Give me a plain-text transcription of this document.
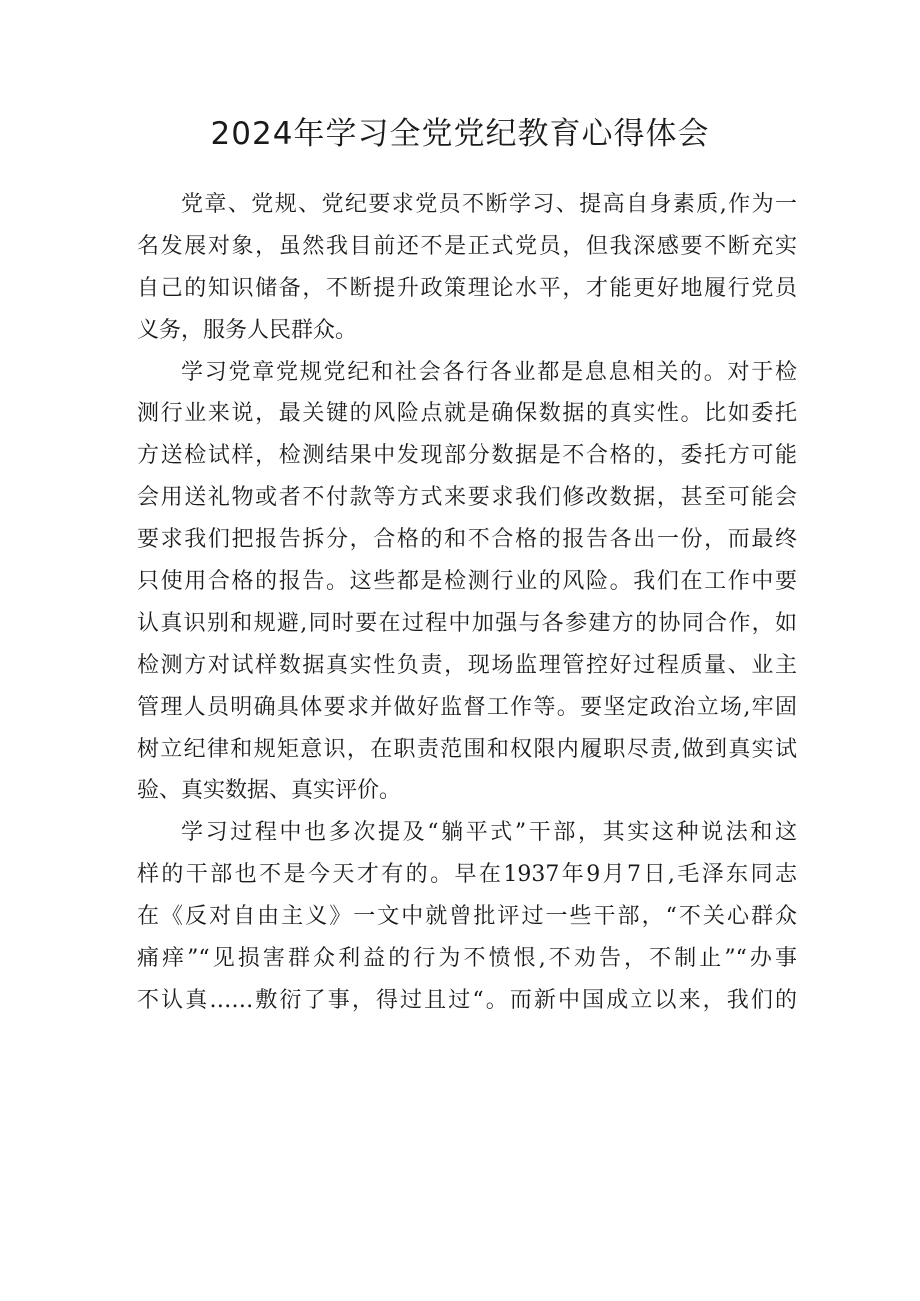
2024年学习全党党纪教育心得体会
党章、党规、党纪要求党员不断学习、提高自身素质,作为一
名发展对象，虽然我目前还不是正式党员，但我深感要不断充实
自己的知识储备，不断提升政策理论水平，才能更好地履行党员
义务，服务人民群众。
学习党章党规党纪和社会各行各业都是息息相关的。对于检
测行业来说，最关键的风险点就是确保数据的真实性。比如委托
方送检试样，检测结果中发现部分数据是不合格的，委托方可能
会用送礼物或者不付款等方式来要求我们修改数据，甚至可能会
要求我们把报告拆分，合格的和不合格的报告各出一份，而最终
只使用合格的报告。这些都是检测行业的风险。我们在工作中要
认真识别和规避,同时要在过程中加强与各参建方的协同合作，如
检测方对试样数据真实性负责，现场监理管控好过程质量、业主
管理人员明确具体要求并做好监督工作等。要坚定政治立场,牢固
树立纪律和规矩意识，在职责范围和权限内履职尽责,做到真实试
验、真实数据、真实评价。
学习过程中也多次提及“躺平式”干部，其实这种说法和这
样的干部也不是今天才有的。早在1937年9月7日,毛泽东同志
在《反对自由主义》一文中就曾批评过一些干部，“不关心群众
痛痒”“见损害群众利益的行为不愤恨,不劝告，不制止”“办事
不认真……敷衍了事，得过且过“。而新中国成立以来，我们的
